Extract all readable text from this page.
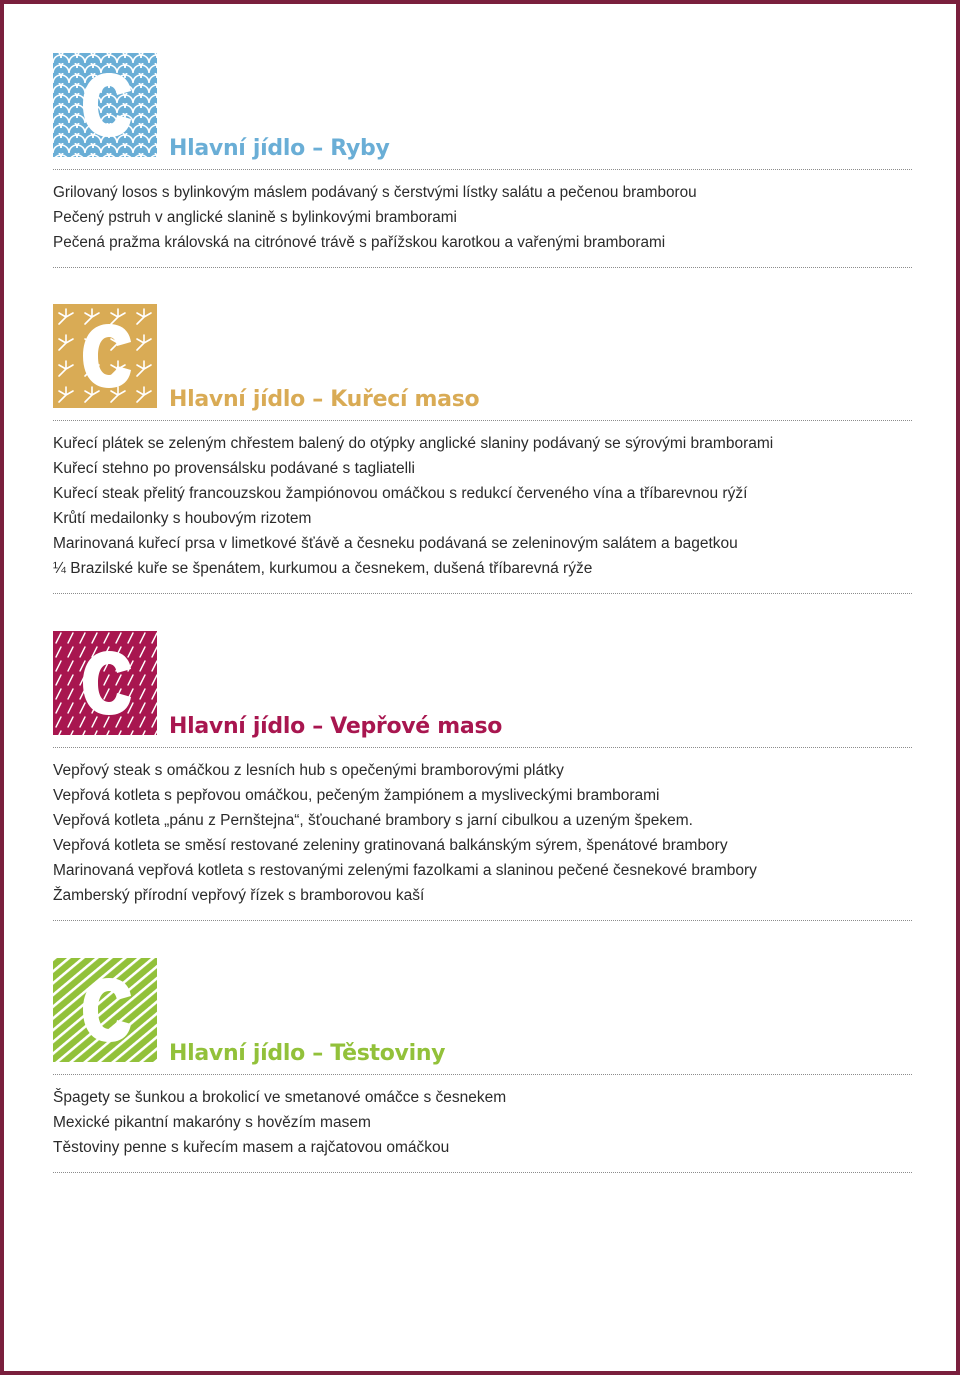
Hlavní jídlo – Ryby
Grilovaný losos s bylinkovým máslem podávaný s čerstvými lístky salátu a pečenou bramborou
Pečený pstruh v anglické slanině s bylinkovými bramborami
Pečená pražma královská na citrónové trávě s pařížskou karotkou a vařenými bramborami
Hlavní jídlo – Kuřecí maso
Kuřecí plátek se zeleným chřestem balený do otýpky anglické slaniny podávaný se sýrovými bramborami
Kuřecí stehno po provensálsku podávané s tagliatelli
Kuřecí steak přelitý francouzskou žampiónovou omáčkou s redukcí červeného vína a tříbarevnou rýží
Krůtí medailonky s houbovým rizotem
Marinovaná kuřecí prsa v limetkové šťávě a česneku podávaná se zeleninovým salátem a bagetkou
¼ Brazilské kuře se špenátem, kurkumou a česnekem, dušená tříbarevná rýže
Hlavní jídlo – Vepřové maso
Vepřový steak s omáčkou z lesních hub s opečenými bramborovými plátky
Vepřová kotleta s pepřovou omáčkou, pečeným žampiónem a mysliveckými bramborami
Vepřová kotleta „pánu z Pernštejna“, šťouchané brambory s jarní cibulkou a uzeným špekem.
Vepřová kotleta se směsí restované zeleniny gratinovaná balkánským sýrem, špenátové brambory
Marinovaná vepřová kotleta s restovanými zelenými fazolkami a slaninou pečené česnekové brambory
Žamberský přírodní vepřový řízek s bramborovou kaší
Hlavní jídlo – Těstoviny
Špagety se šunkou a brokolicí ve smetanové omáčce s česnekem
Mexické pikantní makaróny s hovězím masem
Těstoviny penne s kuřecím masem a rajčatovou omáčkou
